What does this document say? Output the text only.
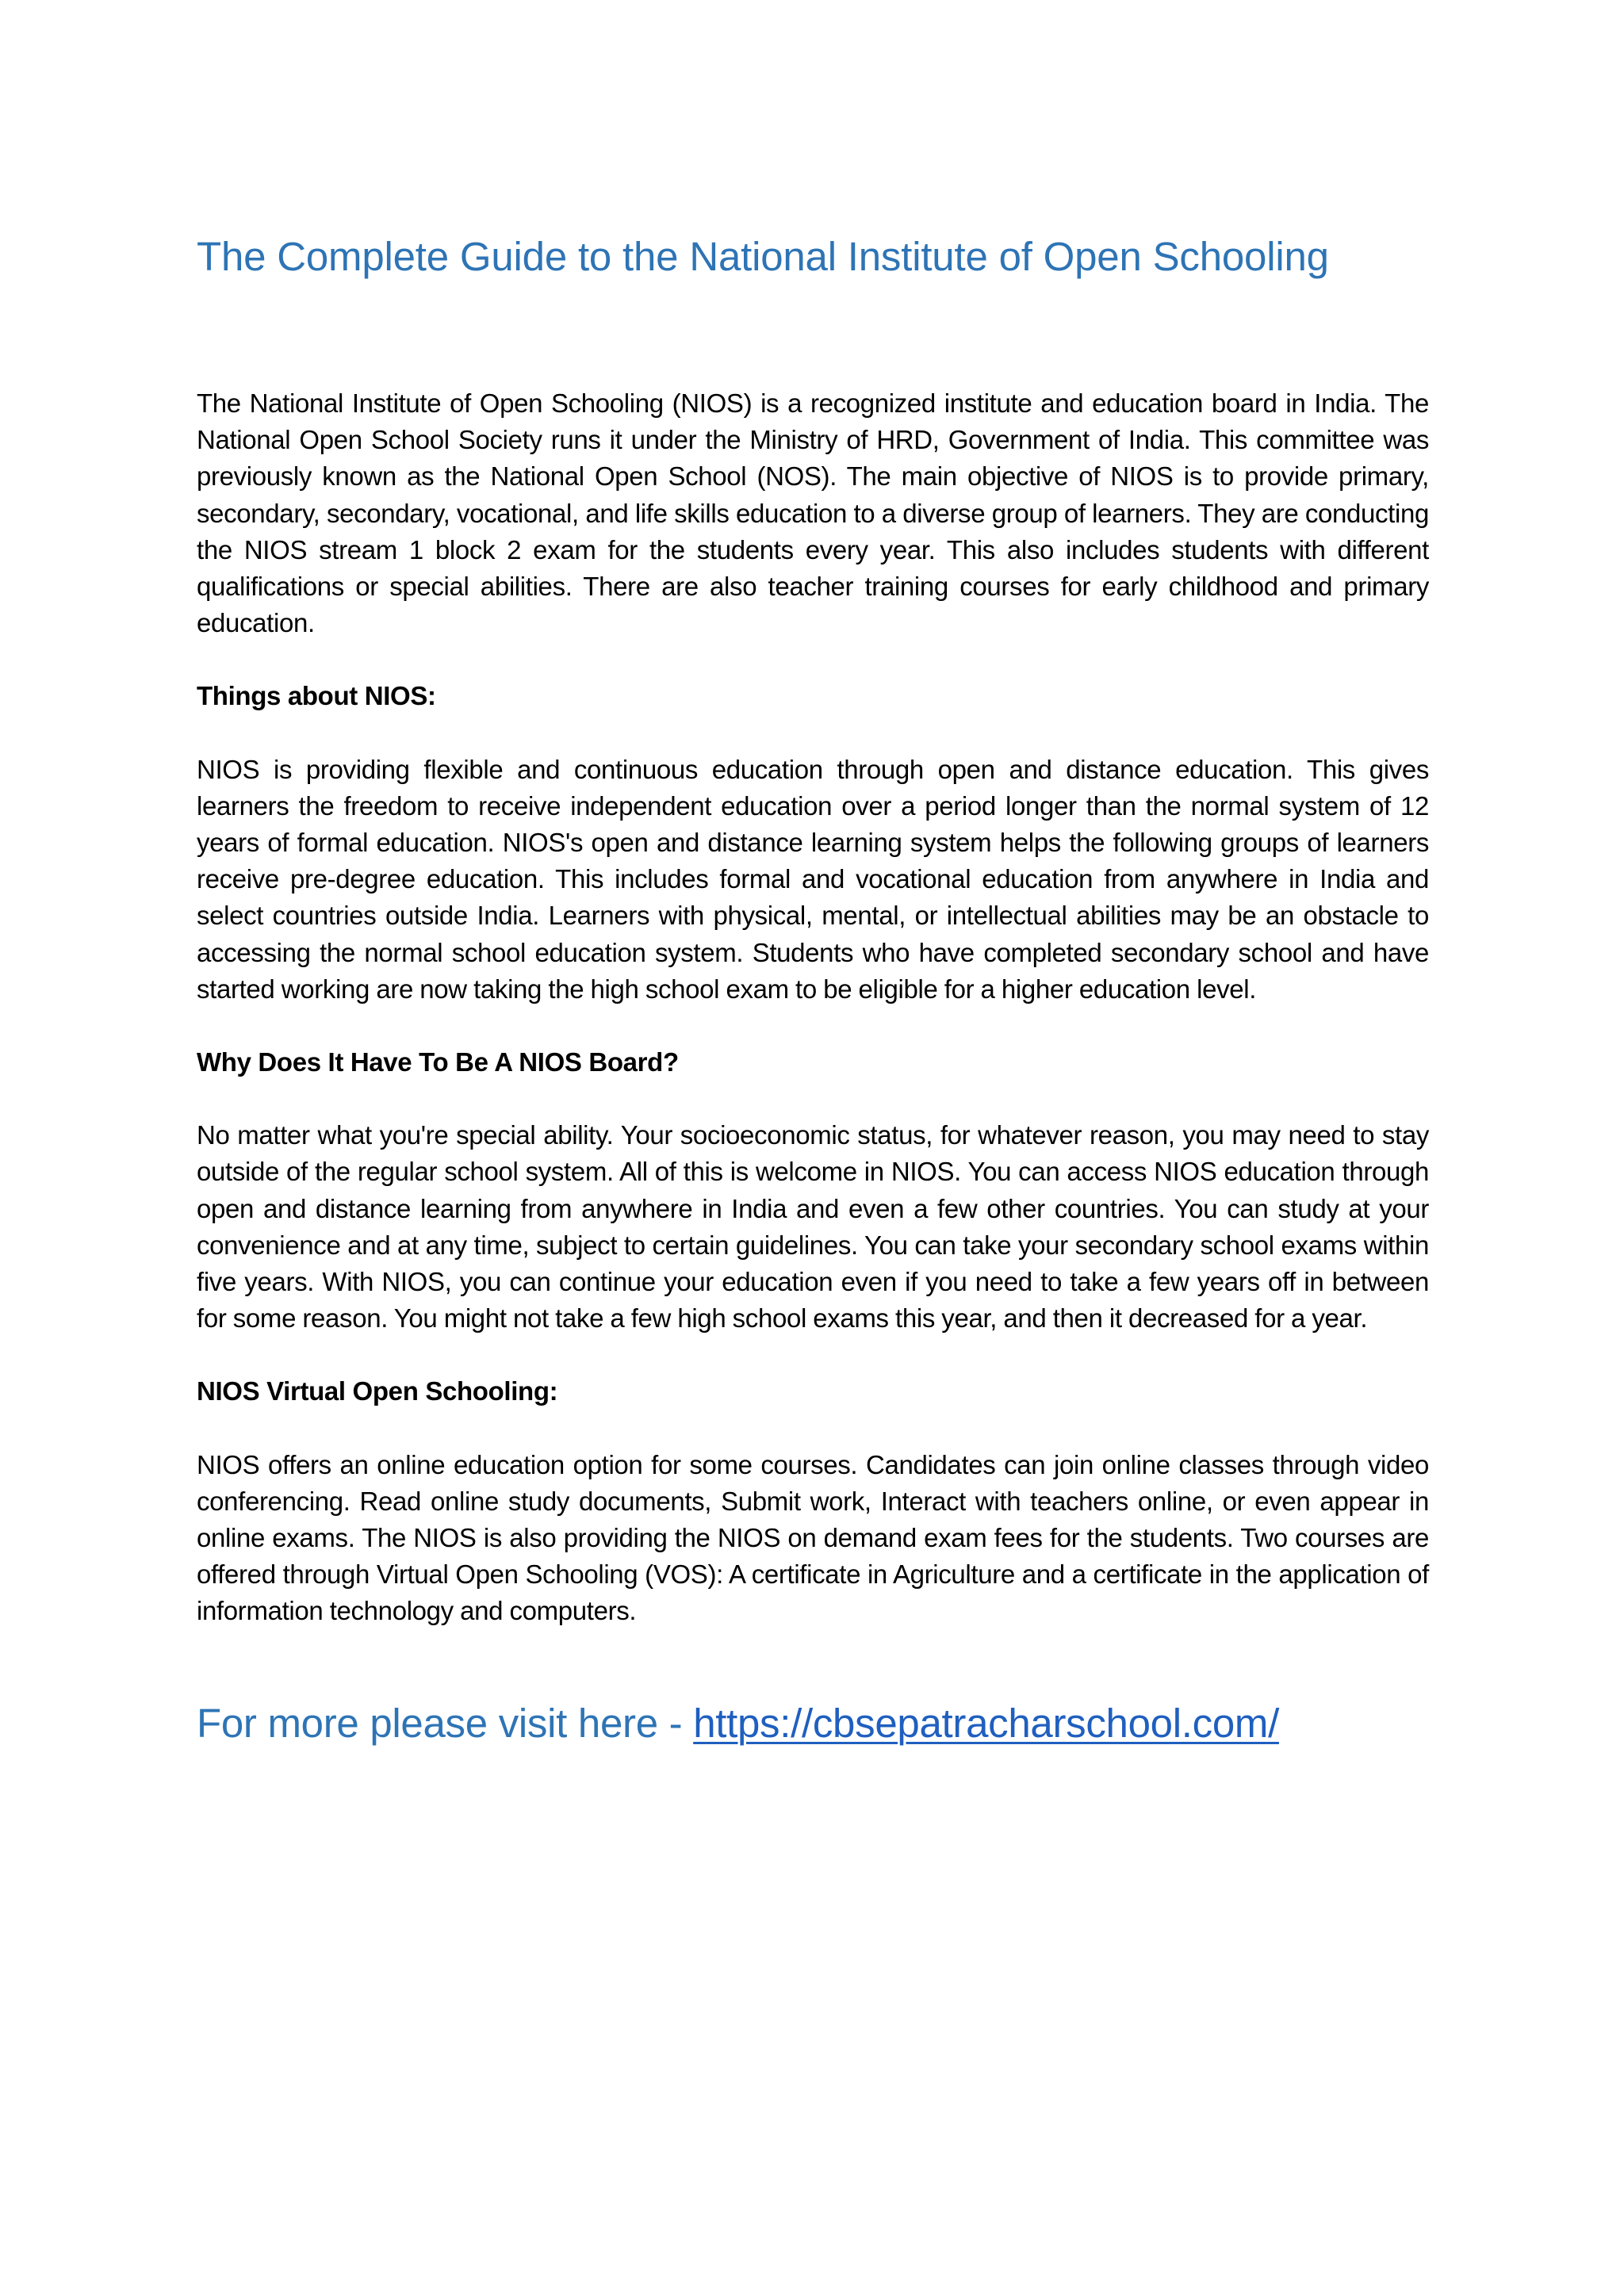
The Complete Guide to the National Institute of Open Schooling

The National Institute of Open Schooling (NIOS) is a recognized institute and education board in India. The National Open School Society runs it under the Ministry of HRD, Government of India. This committee was previously known as the National Open School (NOS). The main objective of NIOS is to provide primary, secondary, secondary, vocational, and life skills education to a diverse group of learners. They are conducting the NIOS stream 1 block 2 exam for the students every year. This also includes students with different qualifications or special abilities. There are also teacher training courses for early childhood and primary education.

Things about NIOS:

NIOS is providing flexible and continuous education through open and distance education. This gives learners the freedom to receive independent education over a period longer than the normal system of 12 years of formal education. NIOS's open and distance learning system helps the following groups of learners receive pre-degree education. This includes formal and vocational education from anywhere in India and select countries outside India. Learners with physical, mental, or intellectual abilities may be an obstacle to accessing the normal school education system. Students who have completed secondary school and have started working are now taking the high school exam to be eligible for a higher education level.

Why Does It Have To Be A NIOS Board?

No matter what you're special ability. Your socioeconomic status, for whatever reason, you may need to stay outside of the regular school system. All of this is welcome in NIOS. You can access NIOS education through open and distance learning from anywhere in India and even a few other countries. You can study at your convenience and at any time, subject to certain guidelines. You can take your secondary school exams within five years. With NIOS, you can continue your education even if you need to take a few years off in between for some reason. You might not take a few high school exams this year, and then it decreased for a year.

NIOS Virtual Open Schooling:

NIOS offers an online education option for some courses. Candidates can join online classes through video conferencing. Read online study documents, Submit work, Interact with teachers online, or even appear in online exams. The NIOS is also providing the NIOS on demand exam fees for the students. Two courses are offered through Virtual Open Schooling (VOS): A certificate in Agriculture and a certificate in the application of information technology and computers.

For more please visit here - https://cbsepatracharschool.com/
